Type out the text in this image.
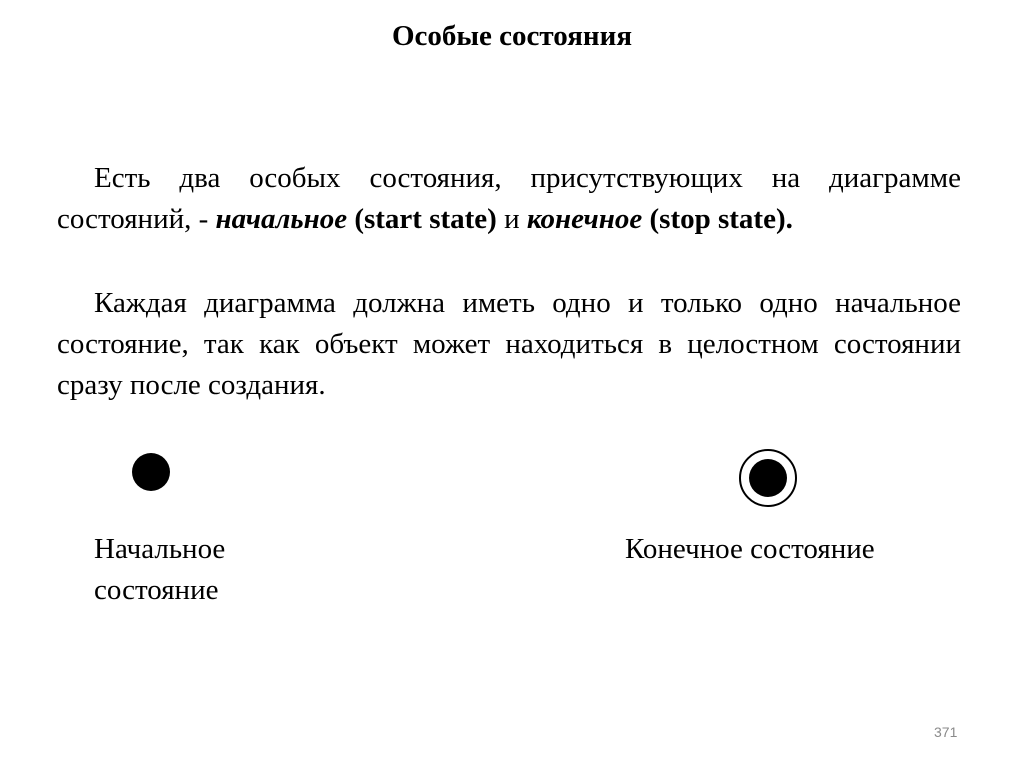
Особые состояния
Есть два особых состояния, присутствующих на диаграмме состояний, - начальное (start state) и конечное (stop state).
Каждая диаграмма должна иметь одно и только одно начальное состояние, так как объект может находиться в целостном состоянии сразу после создания.
Начальное состояние
Конечное состояние
371
